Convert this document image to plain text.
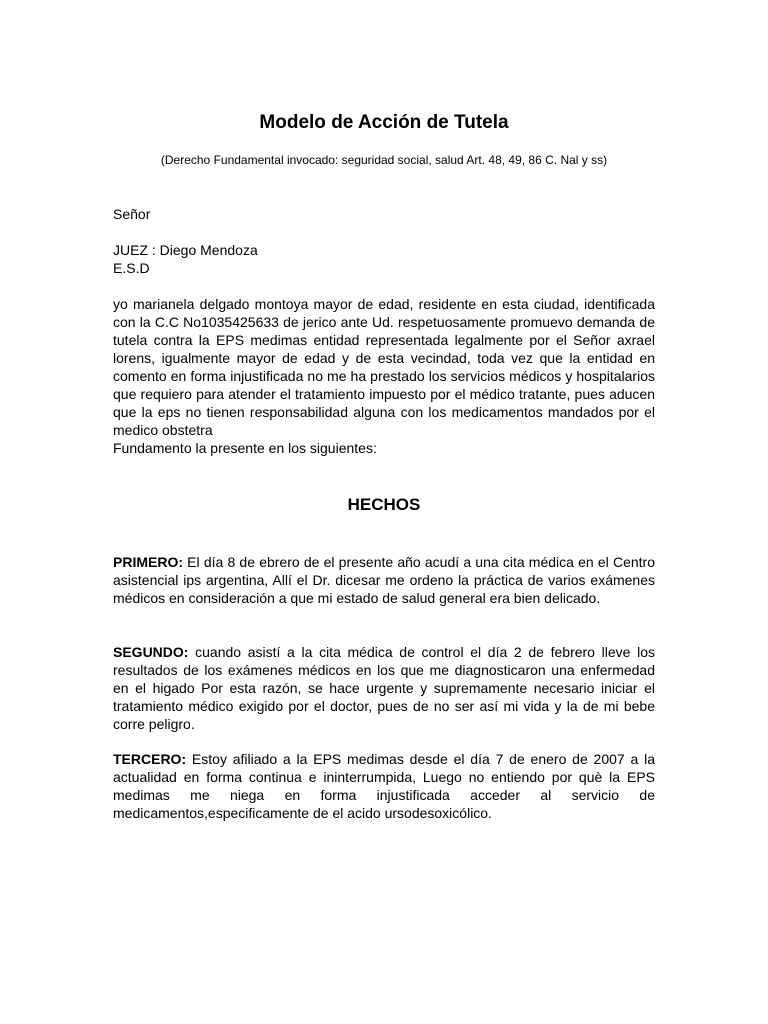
Modelo de Acción de Tutela

(Derecho Fundamental invocado: seguridad social, salud Art. 48, 49, 86 C. Nal y ss)

Señor

JUEZ : Diego Mendoza
E.S.D

yo marianela delgado montoya mayor de edad, residente en esta ciudad, identificada con la C.C No1035425633 de jerico ante Ud. respetuosamente promuevo demanda de tutela contra la EPS medimas entidad representada legalmente por el Señor axrael lorens, igualmente mayor de edad y de esta vecindad, toda vez que la entidad en comento en forma injustificada no me ha prestado los servicios médicos y hospitalarios que requiero para atender el tratamiento impuesto por el médico tratante, pues aducen que la eps no tienen responsabilidad alguna con los medicamentos mandados por el medico obstetra
Fundamento la presente en los siguientes:

HECHOS

PRIMERO: El día 8 de ebrero de el presente año acudí a una cita médica en el Centro asistencial ips argentina, Allí el Dr. dicesar me ordeno la práctica de varios exámenes médicos en consideración a que mi estado de salud general era bien delicado.

SEGUNDO: cuando asistí a la cita médica de control el día 2 de febrero lleve los resultados de los exámenes médicos en los que me diagnosticaron una enfermedad en el higado Por esta razón, se hace urgente y supremamente necesario iniciar el tratamiento médico exigido por el doctor, pues de no ser así mi vida y la de mi bebe corre peligro.

TERCERO: Estoy afiliado a la EPS medimas desde el día 7 de enero de 2007 a la actualidad en forma continua e ininterrumpida, Luego no entiendo por què la EPS medimas me niega en forma injustificada acceder al servicio de medicamentos,especificamente de el acido ursodesoxicólico.
